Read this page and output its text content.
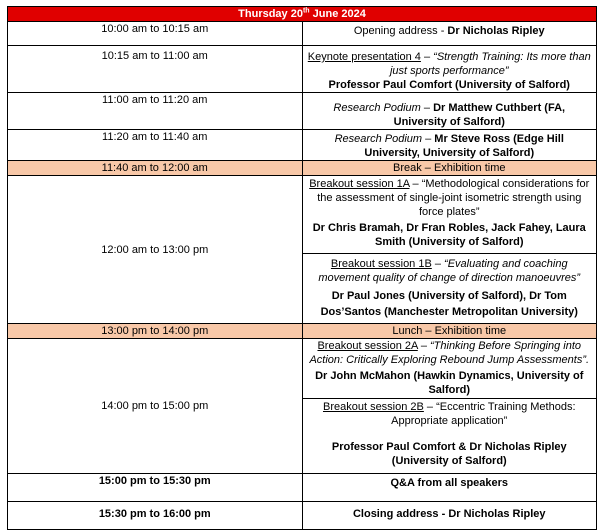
Thursday 20th June 2024	
10:00 am to 10:15 am	Opening address - Dr Nicholas Ripley
10:15 am to 11:00 am	Keynote presentation 4 – “Strength Training: Its more than just sports performance”
Professor Paul Comfort (University of Salford)

11:00 am to 11:20 am	Research Podium – Dr Matthew Cuthbert (FA, University of Salford)
11:20 am to 11:40 am	Research Podium – Mr Steve Ross (Edge Hill University, University of Salford)
11:40 am to 12:00 am	Break – Exhibition time
12:00 am to 13:00 pm	Breakout session 1A – “Methodological considerations for the assessment of single-joint isometric strength using force plates”
Dr Chris Bramah, Dr Fran Robles, Jack Fahey, Laura Smith (University of Salford)
Breakout session 1B – “Evaluating and coaching movement quality of change of direction manoeuvres”
Dr Paul Jones (University of Salford), Dr Tom Dos’Santos (Manchester Metropolitan University)

13:00 pm to 14:00 pm	Lunch – Exhibition time
14:00 pm to 15:00 pm	Breakout session 2A – “Thinking Before Springing into Action: Critically Exploring Rebound Jump Assessments”.
Dr John McMahon (Hawkin Dynamics, University of Salford)
Breakout session 2B – “Eccentric Training Methods: Appropriate application”
Professor Paul Comfort & Dr Nicholas Ripley (University of Salford)

15:00 pm to 15:30 pm	Q&A from all speakers
15:30 pm to 16:00 pm	Closing address - Dr Nicholas Ripley
